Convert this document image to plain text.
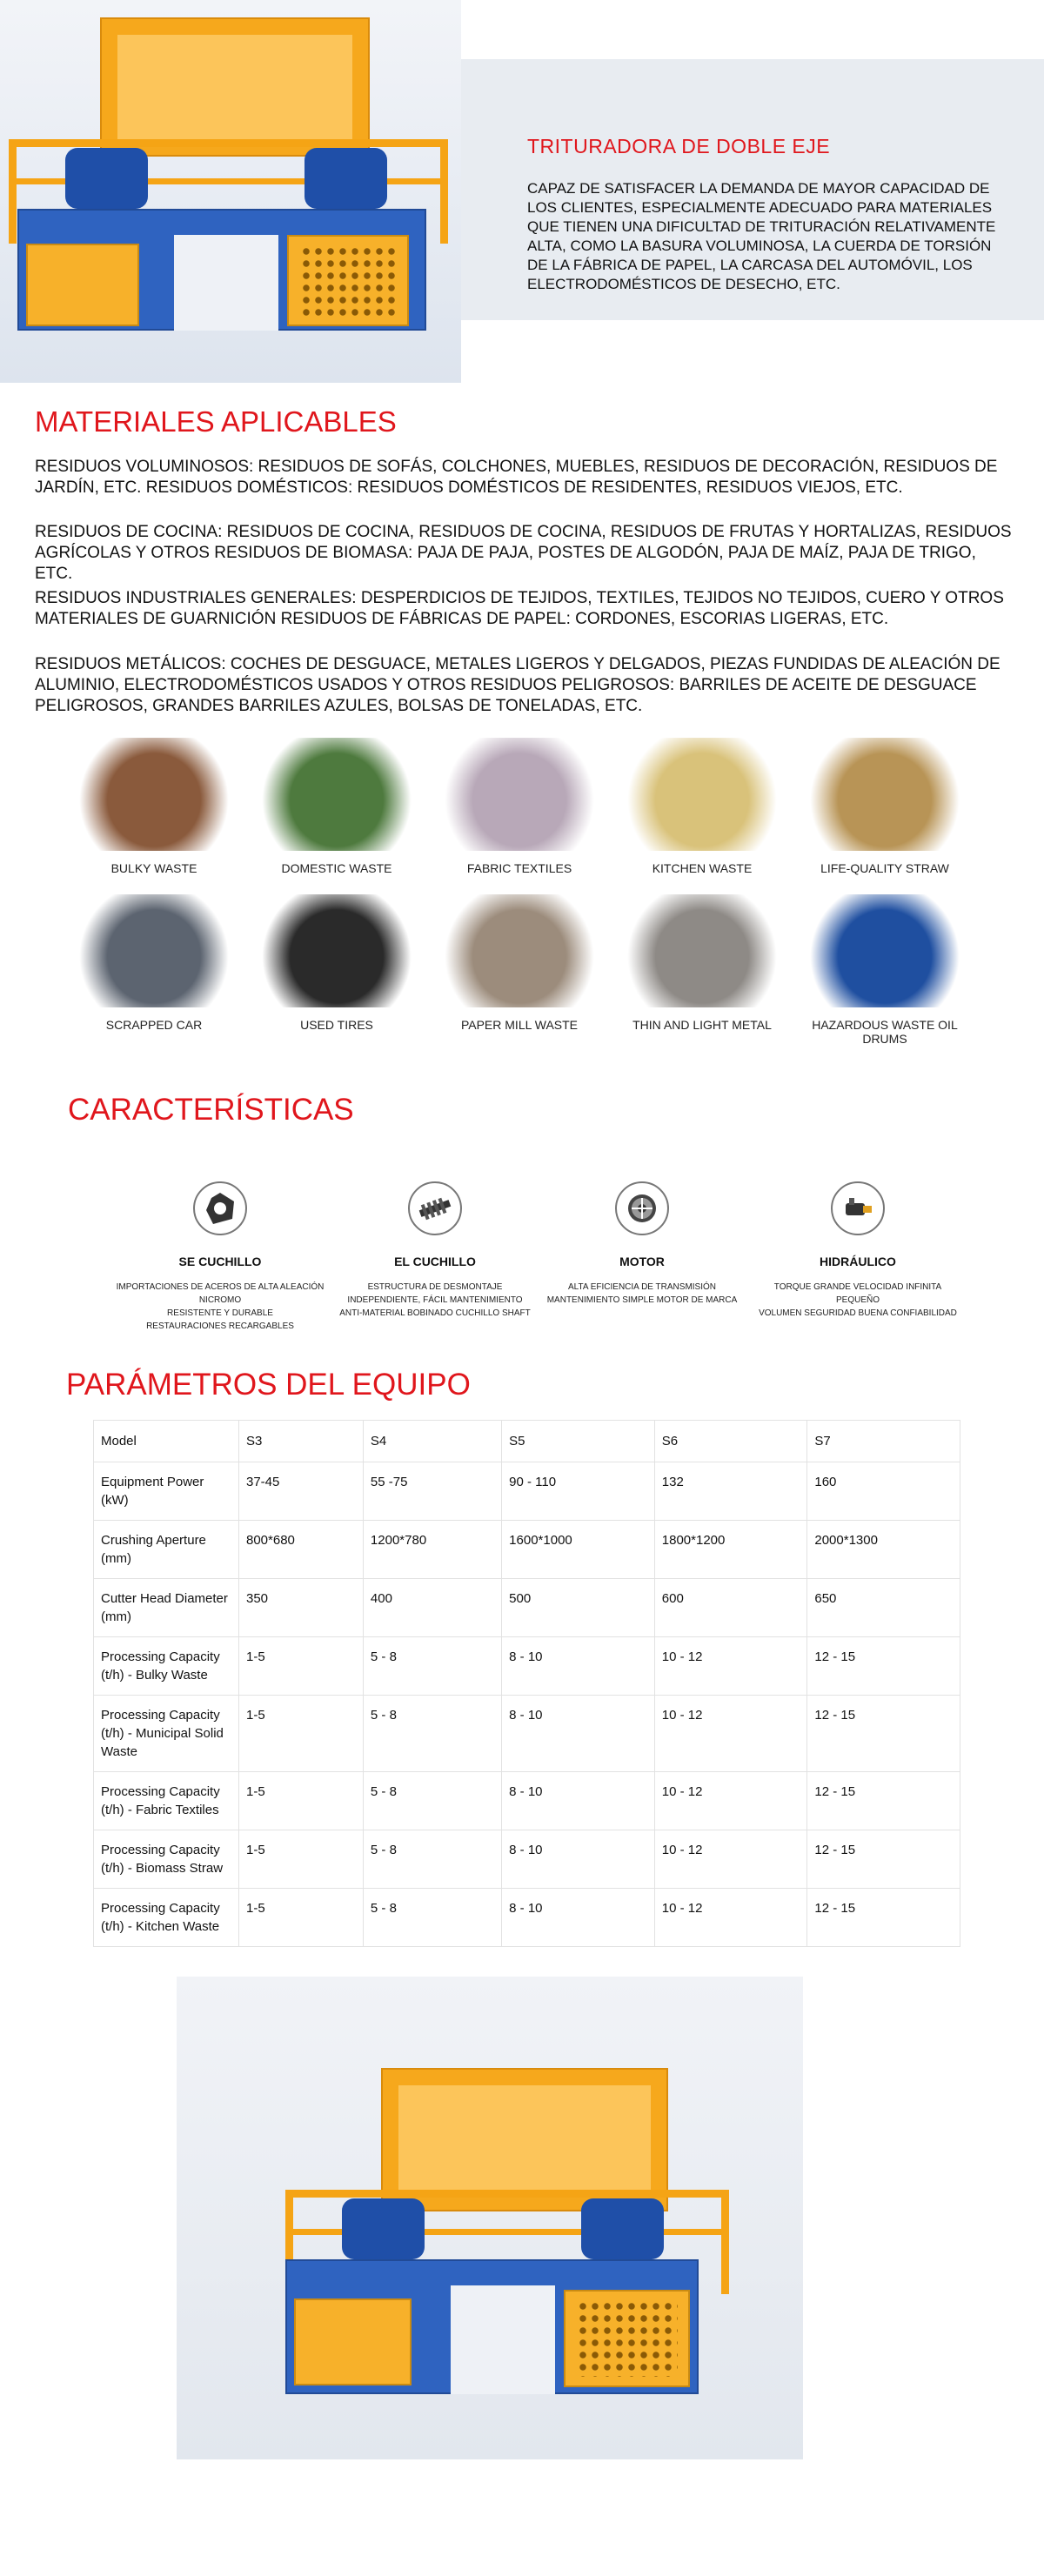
TRITURADORA DE DOBLE EJE

CAPAZ DE SATISFACER LA DEMANDA DE MAYOR CAPACIDAD DE LOS CLIENTES, ESPECIALMENTE ADECUADO PARA MATERIALES QUE TIENEN UNA DIFICULTAD DE TRITURACIÓN RELATIVAMENTE ALTA, COMO LA BASURA VOLUMINOSA, LA CUERDA DE TORSIÓN DE LA FÁBRICA DE PAPEL, LA CARCASA DEL AUTOMÓVIL, LOS ELECTRODOMÉSTICOS DE DESECHO, ETC.

MATERIALES APLICABLES

RESIDUOS VOLUMINOSOS: RESIDUOS DE SOFÁS, COLCHONES, MUEBLES, RESIDUOS DE DECORACIÓN, RESIDUOS DE JARDÍN, ETC. RESIDUOS DOMÉSTICOS: RESIDUOS DOMÉSTICOS DE RESIDENTES, RESIDUOS VIEJOS, ETC.

RESIDUOS DE COCINA: RESIDUOS DE COCINA, RESIDUOS DE COCINA, RESIDUOS DE FRUTAS Y HORTALIZAS, RESIDUOS AGRÍCOLAS Y OTROS RESIDUOS DE BIOMASA: PAJA DE PAJA, POSTES DE ALGODÓN, PAJA DE MAÍZ, PAJA DE TRIGO, ETC.

RESIDUOS INDUSTRIALES GENERALES: DESPERDICIOS DE TEJIDOS, TEXTILES, TEJIDOS NO TEJIDOS, CUERO Y OTROS MATERIALES DE GUARNICIÓN RESIDUOS DE FÁBRICAS DE PAPEL: CORDONES, ESCORIAS LIGERAS, ETC.

RESIDUOS METÁLICOS: COCHES DE DESGUACE, METALES LIGEROS Y DELGADOS, PIEZAS FUNDIDAS DE ALEACIÓN DE ALUMINIO, ELECTRODOMÉSTICOS USADOS Y OTROS RESIDUOS PELIGROSOS: BARRILES DE ACEITE DE DESGUACE PELIGROSOS, GRANDES BARRILES AZULES, BOLSAS DE TONELADAS, ETC.

BULKY WASTE	DOMESTIC WASTE	FABRIC TEXTILES	KITCHEN WASTE	LIFE-QUALITY STRAW
SCRAPPED CAR	USED TIRES	PAPER MILL WASTE	THIN AND LIGHT METAL	HAZARDOUS WASTE OIL DRUMS
CARACTERÍSTICAS
SE CUCHILLO
IMPORTACIONES DE ACEROS DE ALTA ALEACIÓN NICROMO
RESISTENTE Y DURABLE
RESTAURACIONES RECARGABLES
EL CUCHILLO
ESTRUCTURA DE DESMONTAJE INDEPENDIENTE, FÁCIL MANTENIMIENTO
ANTI-MATERIAL BOBINADO CUCHILLO SHAFT
MOTOR
ALTA EFICIENCIA DE TRANSMISIÓN
MANTENIMIENTO SIMPLE MOTOR DE MARCA
HIDRÁULICO
TORQUE GRANDE VELOCIDAD INFINITA PEQUEÑO
VOLUMEN SEGURIDAD BUENA CONFIABILIDAD
PARÁMETROS DEL EQUIPO
Model	S3	S4	S5	S6	S7
Equipment Power (kW)	37-45	55 -75	90 - 110	132	160
Crushing Aperture (mm)	800*680	1200*780	1600*1000	1800*1200	2000*1300
Cutter Head Diameter (mm)	350	400	500	600	650
Processing Capacity (t/h) - Bulky Waste	1-5	5 - 8	8 - 10	10 - 12	12 - 15
Processing Capacity (t/h) - Municipal Solid Waste	1-5	5 - 8	8 - 10	10 - 12	12 - 15
Processing Capacity (t/h) - Fabric Textiles	1-5	5 - 8	8 - 10	10 - 12	12 - 15
Processing Capacity (t/h) - Biomass Straw	1-5	5 - 8	8 - 10	10 - 12	12 - 15
Processing Capacity (t/h) - Kitchen Waste	1-5	5 - 8	8 - 10	10 - 12	12 - 15
